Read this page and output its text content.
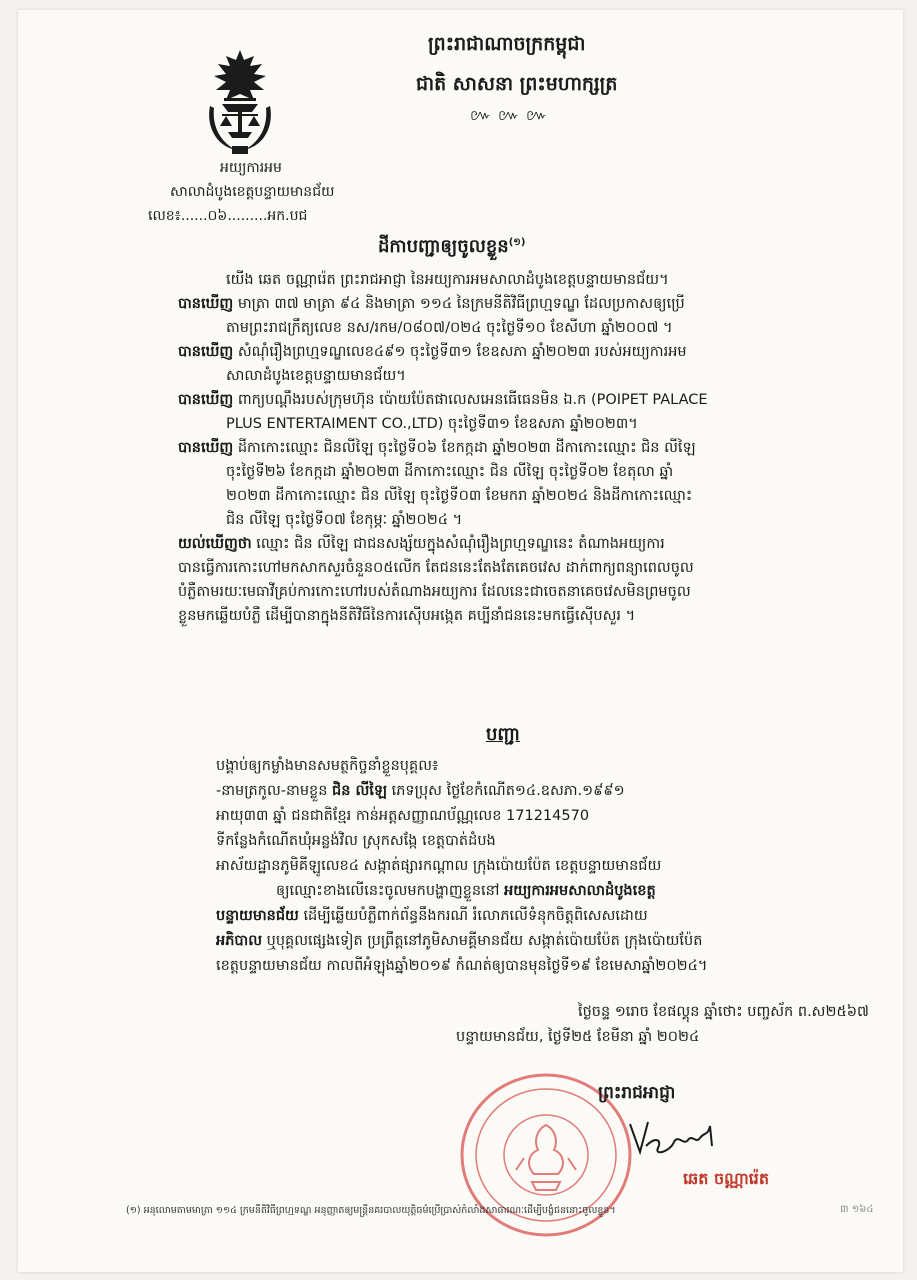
ព្រះរាជាណាចក្រកម្ពុជា
ជាតិ សាសនា ព្រះមហាក្សត្រ
៚ ៚ ៚
អយ្យការអម
សាលាដំបូងខេត្តបន្ទាយមានជ័យ
លេខ៖......០៦.........អក.បជ
ដីកាបញ្ជាឲ្យចូលខ្លួន$^{(១)}$

យើង ឆេត ចណ្ណារ៉េត ព្រះរាជអាជ្ញា នៃអយ្យការអមសាលាដំបូងខេត្តបន្ទាយមានជ័យ។

បានឃើញ មាត្រា ៣៧ មាត្រា ៩៤ និងមាត្រា ១១៤ នៃក្រមនីតិវិធីព្រហ្មទណ្ឌ ដែលប្រកាសឲ្យប្រើ

តាមព្រះរាជក្រឹត្យលេខ នស/រកម/០៨០៧/០២៤ ចុះថ្ងៃទី១០ ខែសីហា ឆ្នាំ២០០៧ ។

បានឃើញ សំណុំរឿងព្រហ្មទណ្ឌលេខ៤៩១ ចុះថ្ងៃទី៣១ ខែឧសភា ឆ្នាំ២០២៣ របស់អយ្យការអម

សាលាដំបូងខេត្តបន្ទាយមានជ័យ។

បានឃើញ ពាក្យបណ្ដឹងរបស់ក្រុមហ៊ុន ប៉ោយប៉ែតផាលេសអេនធើធេនមិន ឯ.ក (POIPET PALACE

PLUS ENTERTAIMENT CO.,LTD) ចុះថ្ងៃទី៣១ ខែឧសភា ឆ្នាំ២០២៣។

បានឃើញ ដីកាកោះឈ្មោះ ជិនលីឡៃ ចុះថ្ងៃទី០៦ ខែកក្កដា ឆ្នាំ២០២៣ ដីកាកោះឈ្មោះ ជិន លីឡៃ

ចុះថ្ងៃទី២៦ ខែកក្កដា ឆ្នាំ២០២៣ ដីកាកោះឈ្មោះ ជិន លីឡៃ ចុះថ្ងៃទី០២ ខែតុលា ឆ្នាំ

២០២៣ ដីកាកោះឈ្មោះ ជិន លីឡៃ ចុះថ្ងៃទី០៣ ខែមករា ឆ្នាំ២០២៤ និងដីកាកោះឈ្មោះ

ជិន លីឡៃ ចុះថ្ងៃទី០៧ ខែកុម្ភៈ ឆ្នាំ២០២៤ ។

យល់ឃើញថា ឈ្មោះ ជិន លីឡៃ ជាជនសង្ស័យក្នុងសំណុំរឿងព្រហ្មទណ្ឌនេះ តំណាងអយ្យការ

បានធ្វើការកោះហៅមកសាកសួរចំនួន០៥លើក តែជននេះតែងតែគេចវេស ដាក់ពាក្យពន្យាពេលចូល

បំភ្លឺតាមរយៈមេធាវីគ្រប់ការកោះហៅរបស់តំណាងអយ្យការ ដែលនេះជាចេតនាគេចវេសមិនព្រមចូល

ខ្លួនមកឆ្លើយបំភ្លឺ ដើម្បីបានាក្នុងនីតិវិធីនៃការស៊ើបអង្កេត គប្បីនាំជននេះមកធ្វើស៊ើបសួរ ។

បញ្ជា

បង្គាប់ឲ្យកម្លាំងមានសមត្ថកិច្ចនាំខ្លួនបុគ្គល៖

-នាមត្រកូល-នាមខ្លួន ជិន លីឡៃ ភេទប្រុស ថ្ងៃខែកំណើត១៤.ឧសភា.១៩៩១

អាយុ៣៣ ឆ្នាំ ជនជាតិខ្មែរ កាន់អត្តសញ្ញាណប័ណ្ណលេខ 171214570

ទីកន្លែងកំណើតឃុំអន្លង់វិល ស្រុកសង្កែ ខេត្តបាត់ដំបង

អាស័យដ្ឋានភូមិគីឡូលេខ៤ សង្កាត់ផ្សារកណ្ដាល ក្រុងប៉ោយប៉ែត ខេត្តបន្ទាយមានជ័យ

ឲ្យឈ្មោះខាងលើនេះចូលមកបង្ហាញខ្លួននៅ អយ្យការអមសាលាដំបូងខេត្ត

បន្ទាយមានជ័យ ដើម្បីឆ្លើយបំភ្លឺពាក់ព័ន្ធនឹងករណី រំលោភលើទំនុកចិត្តពិសេសដោយ

អភិបាល ឬបុគ្គលផ្សេងទៀត ប្រព្រឹត្តនៅភូមិសាមគ្គីមានជ័យ សង្កាត់ប៉ោយប៉ែត ក្រុងប៉ោយប៉ែត

ខេត្តបន្ទាយមានជ័យ កាលពីអំឡុងឆ្នាំ២០១៩ កំណត់ឲ្យបានមុនថ្ងៃទី១៩ ខែមេសាឆ្នាំ២០២៤។

ថ្ងៃចន្ទ ១រោច ខែផល្គុន ឆ្នាំថោះ បញ្ចស័ក ព.ស២៥៦៧
បន្ទាយមានជ័យ, ថ្ងៃទី២៥ ខែមីនា ឆ្នាំ ២០២៤
ព្រះរាជអាជ្ញា
ឆេត ចណ្ណារ៉េត
(១) អនុលោមតាមមាត្រា ១១៤ ក្រមនីតិវិធីព្រហ្មទណ្ឌ អនុញ្ញាតឲ្យមន្ត្រីនគរបាលយុត្តិធម៌ប្រើប្រាស់កំលាំងសាធារណៈដើម្បីបង្ខំជននោះចូលខ្លួន។	៣ ១៦៤
